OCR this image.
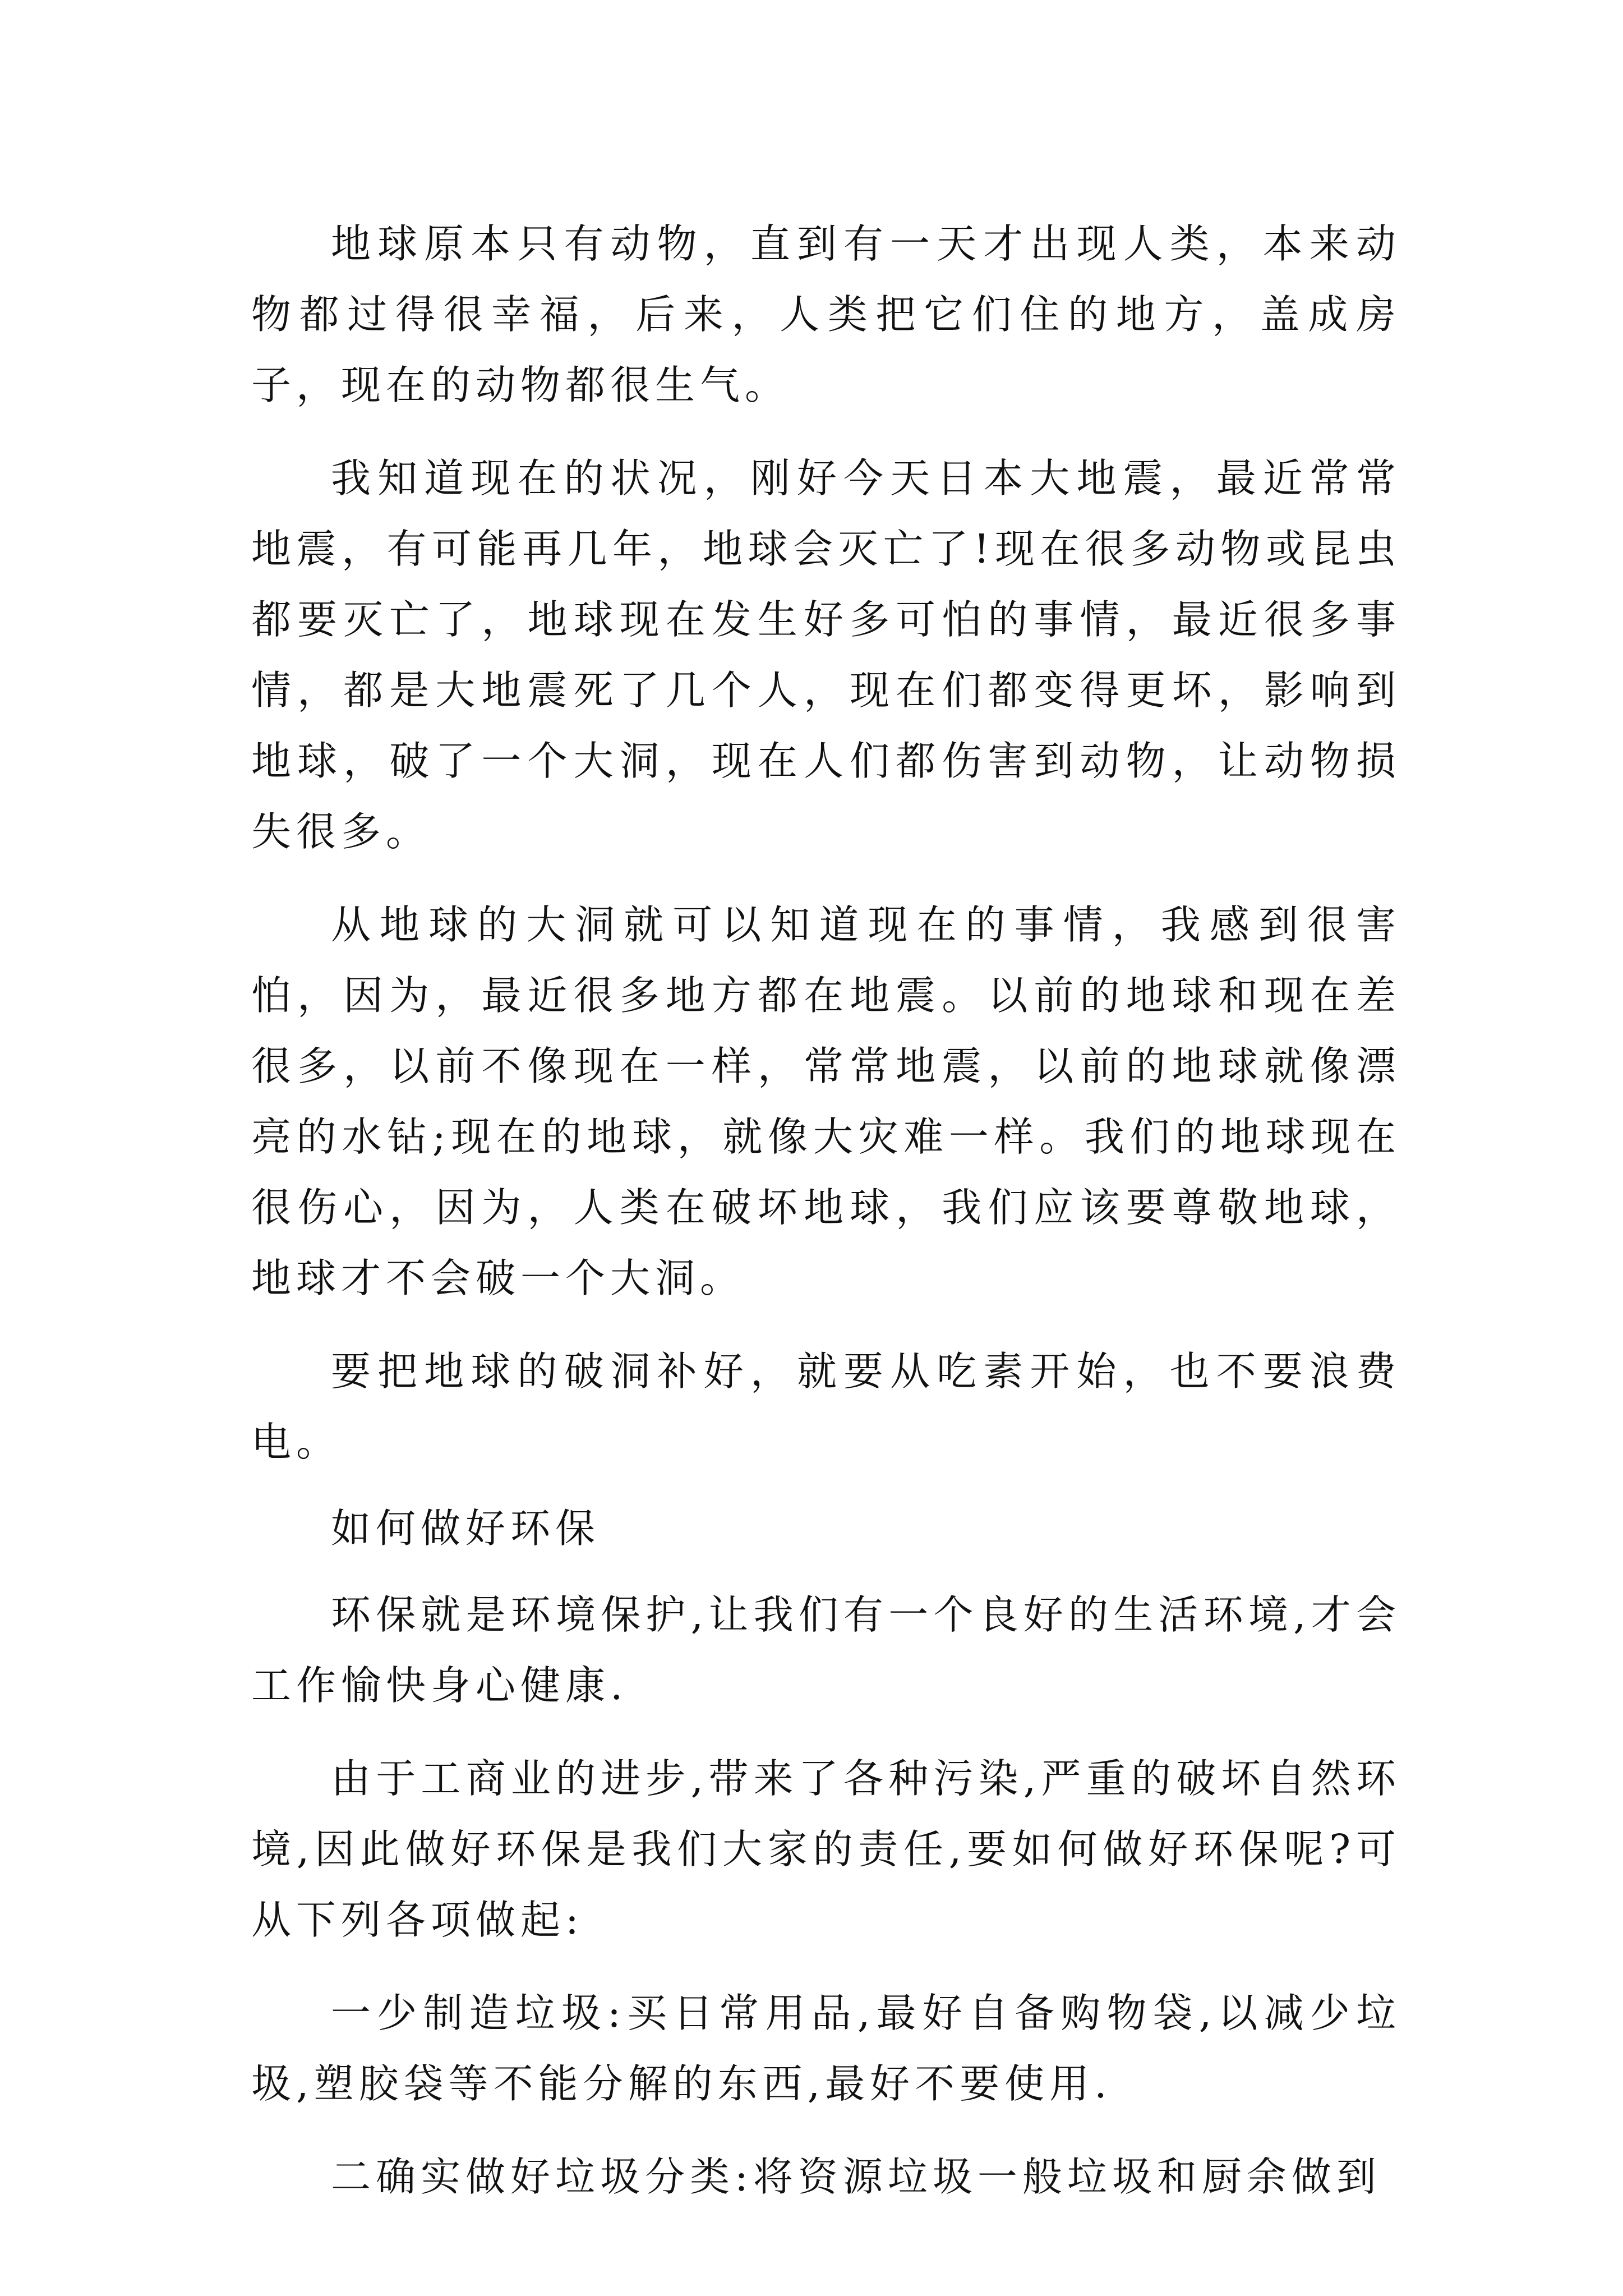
地球原本只有动物，直到有一天才出现人类，本来动物都过得很幸福，后来，人类把它们住的地方，盖成房子，现在的动物都很生气。

我知道现在的状况，刚好今天日本大地震，最近常常地震，有可能再几年，地球会灭亡了!现在很多动物或昆虫都要灭亡了，地球现在发生好多可怕的事情，最近很多事情，都是大地震死了几个人，现在们都变得更坏，影响到地球，破了一个大洞，现在人们都伤害到动物，让动物损失很多。

从地球的大洞就可以知道现在的事情，我感到很害怕，因为，最近很多地方都在地震。以前的地球和现在差很多，以前不像现在一样，常常地震，以前的地球就像漂亮的水钻;现在的地球，就像大灾难一样。我们的地球现在很伤心，因为，人类在破坏地球，我们应该要尊敬地球，地球才不会破一个大洞。

要把地球的破洞补好，就要从吃素开始，也不要浪费电。

如何做好环保

环保就是环境保护,让我们有一个良好的生活环境,才会工作愉快身心健康.

由于工商业的进步,带来了各种污染,严重的破坏自然环境,因此做好环保是我们大家的责任,要如何做好环保呢?可从下列各项做起:

一少制造垃圾:买日常用品,最好自备购物袋,以减少垃圾,塑胶袋等不能分解的东西,最好不要使用.

二确实做好垃圾分类:将资源垃圾一般垃圾和厨余做到
